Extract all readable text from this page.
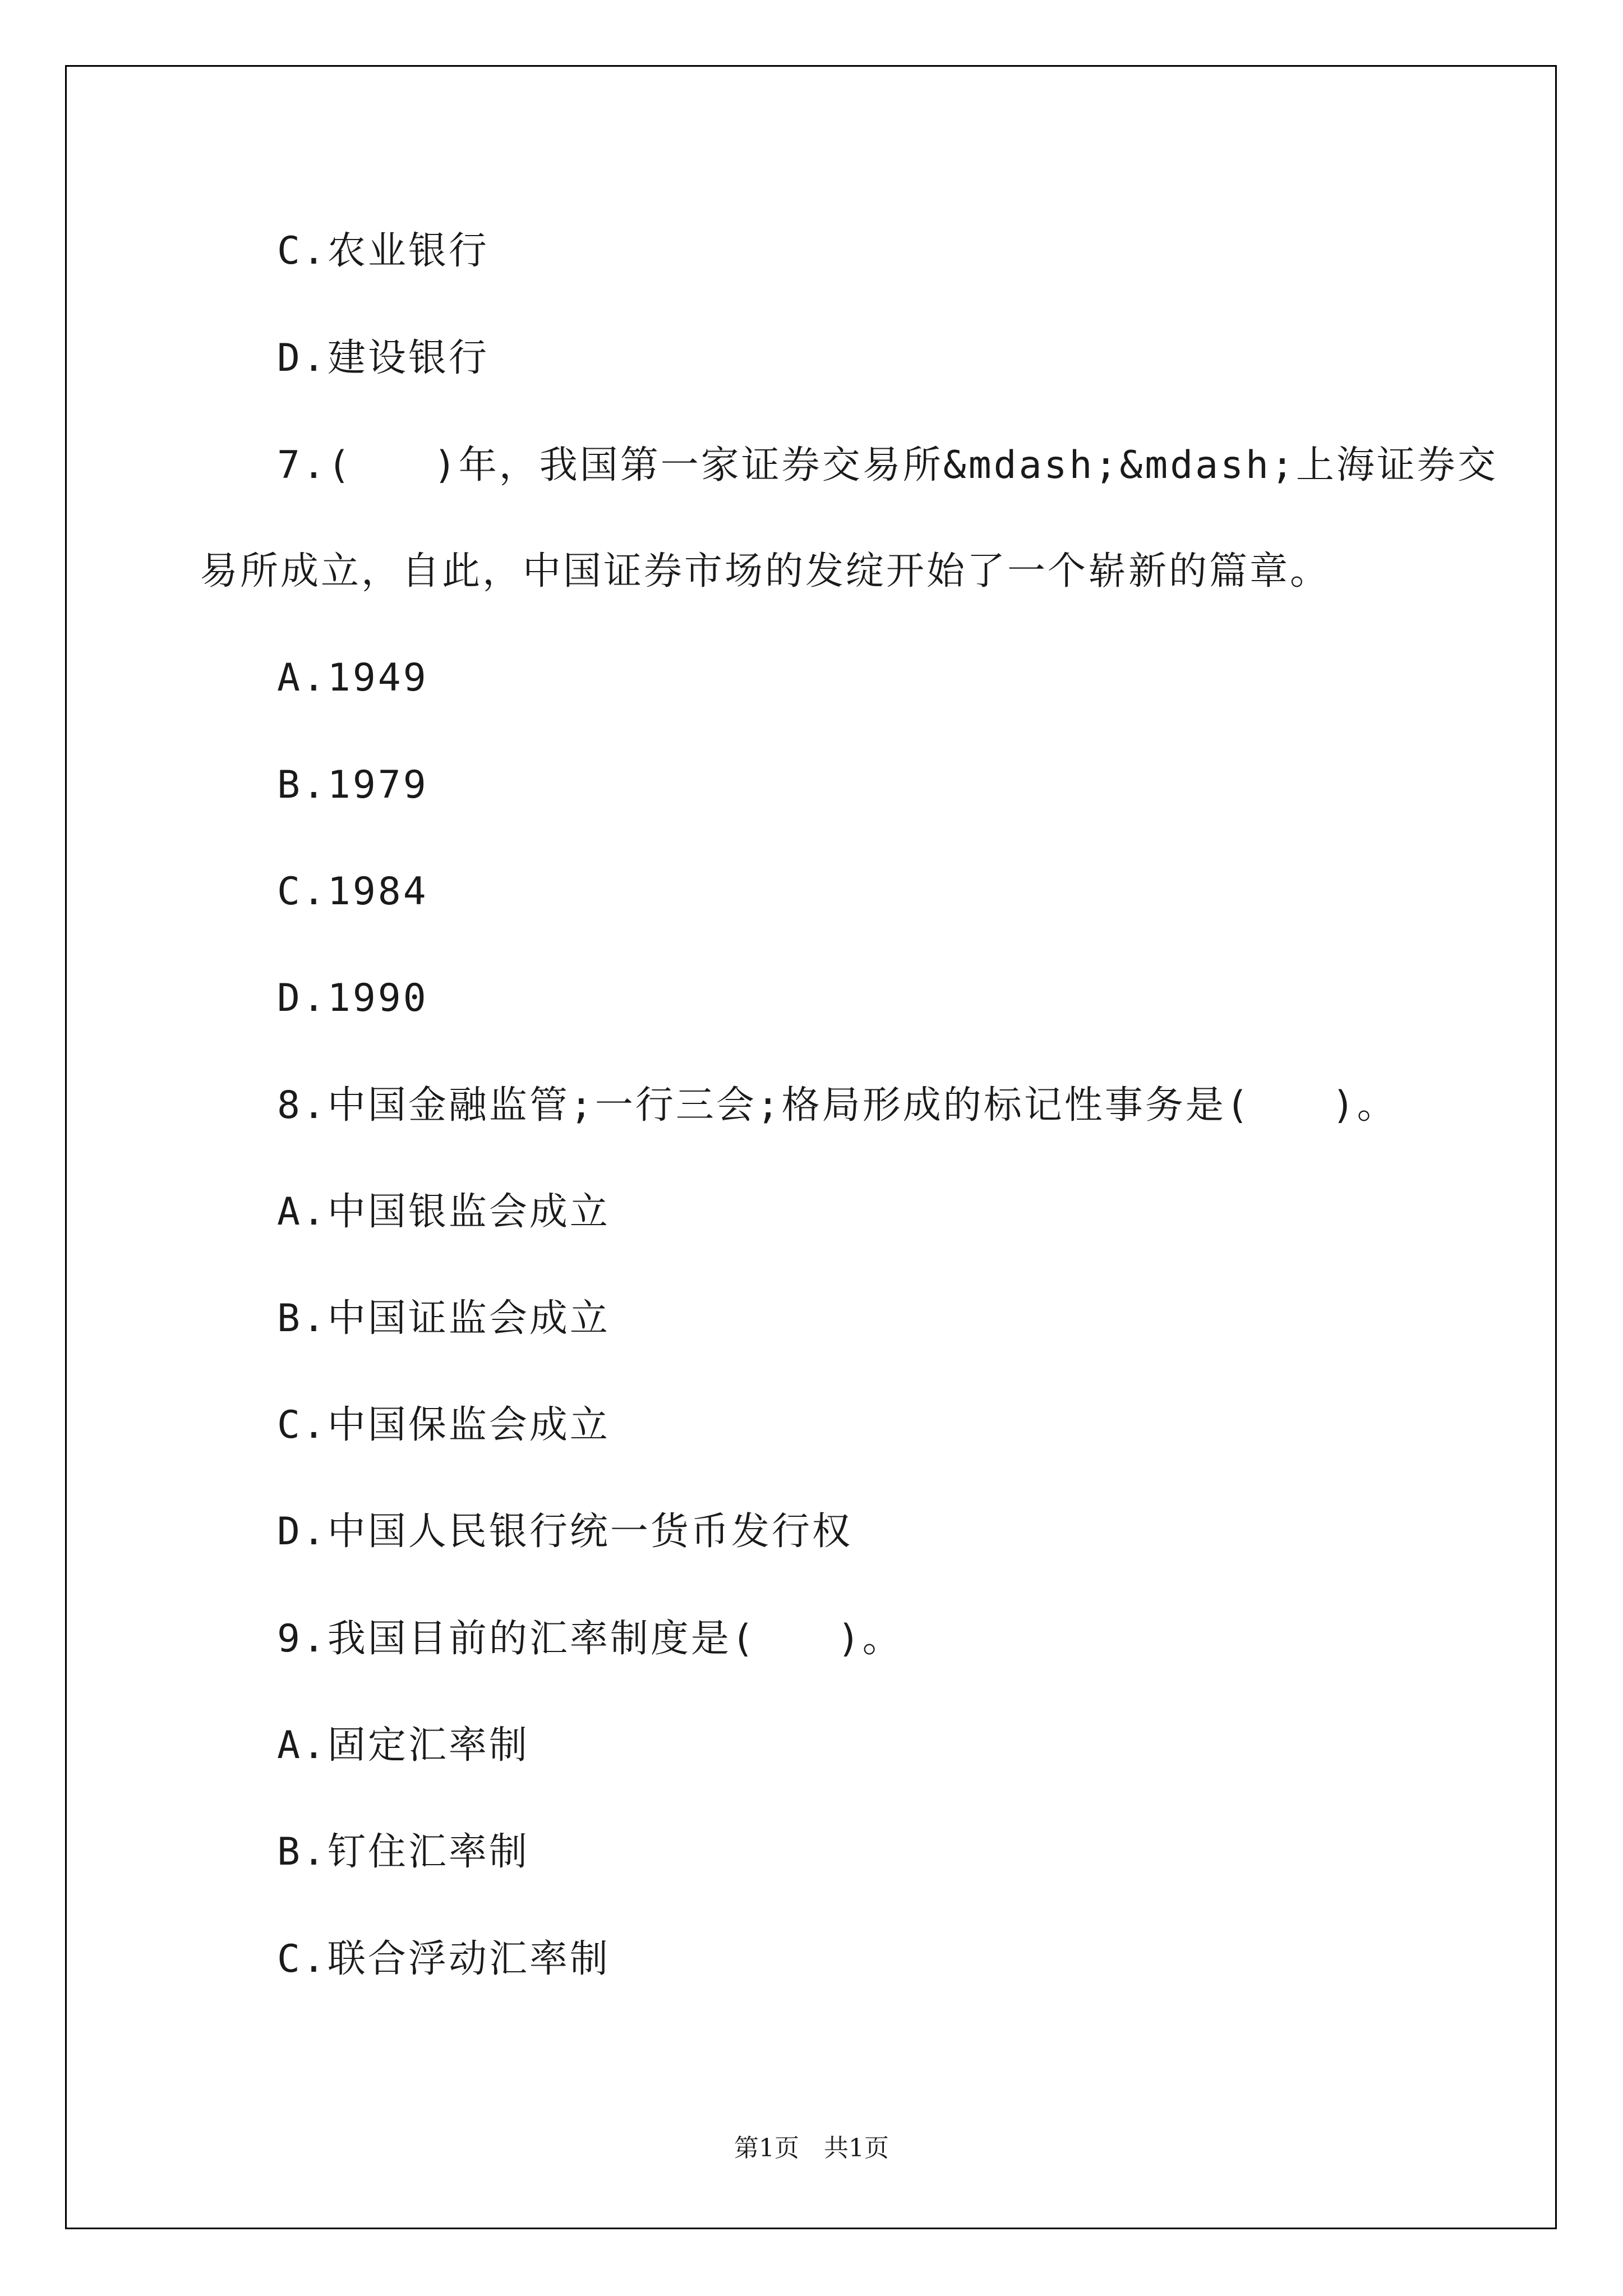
C.农业银行
D.建设银行
7.(　　)年，我国第一家证券交易所&mdash;&mdash;上海证券交
易所成立，自此，中国证券市场的发绽开始了一个崭新的篇章。
A.1949
B.1979
C.1984
D.1990
8.中国金融监管;一行三会;格局形成的标记性事务是(　　)。
A.中国银监会成立
B.中国证监会成立
C.中国保监会成立
D.中国人民银行统一货币发行权
9.我国目前的汇率制度是(　　)。
A.固定汇率制
B.钉住汇率制
C.联合浮动汇率制
第1页　共1页
